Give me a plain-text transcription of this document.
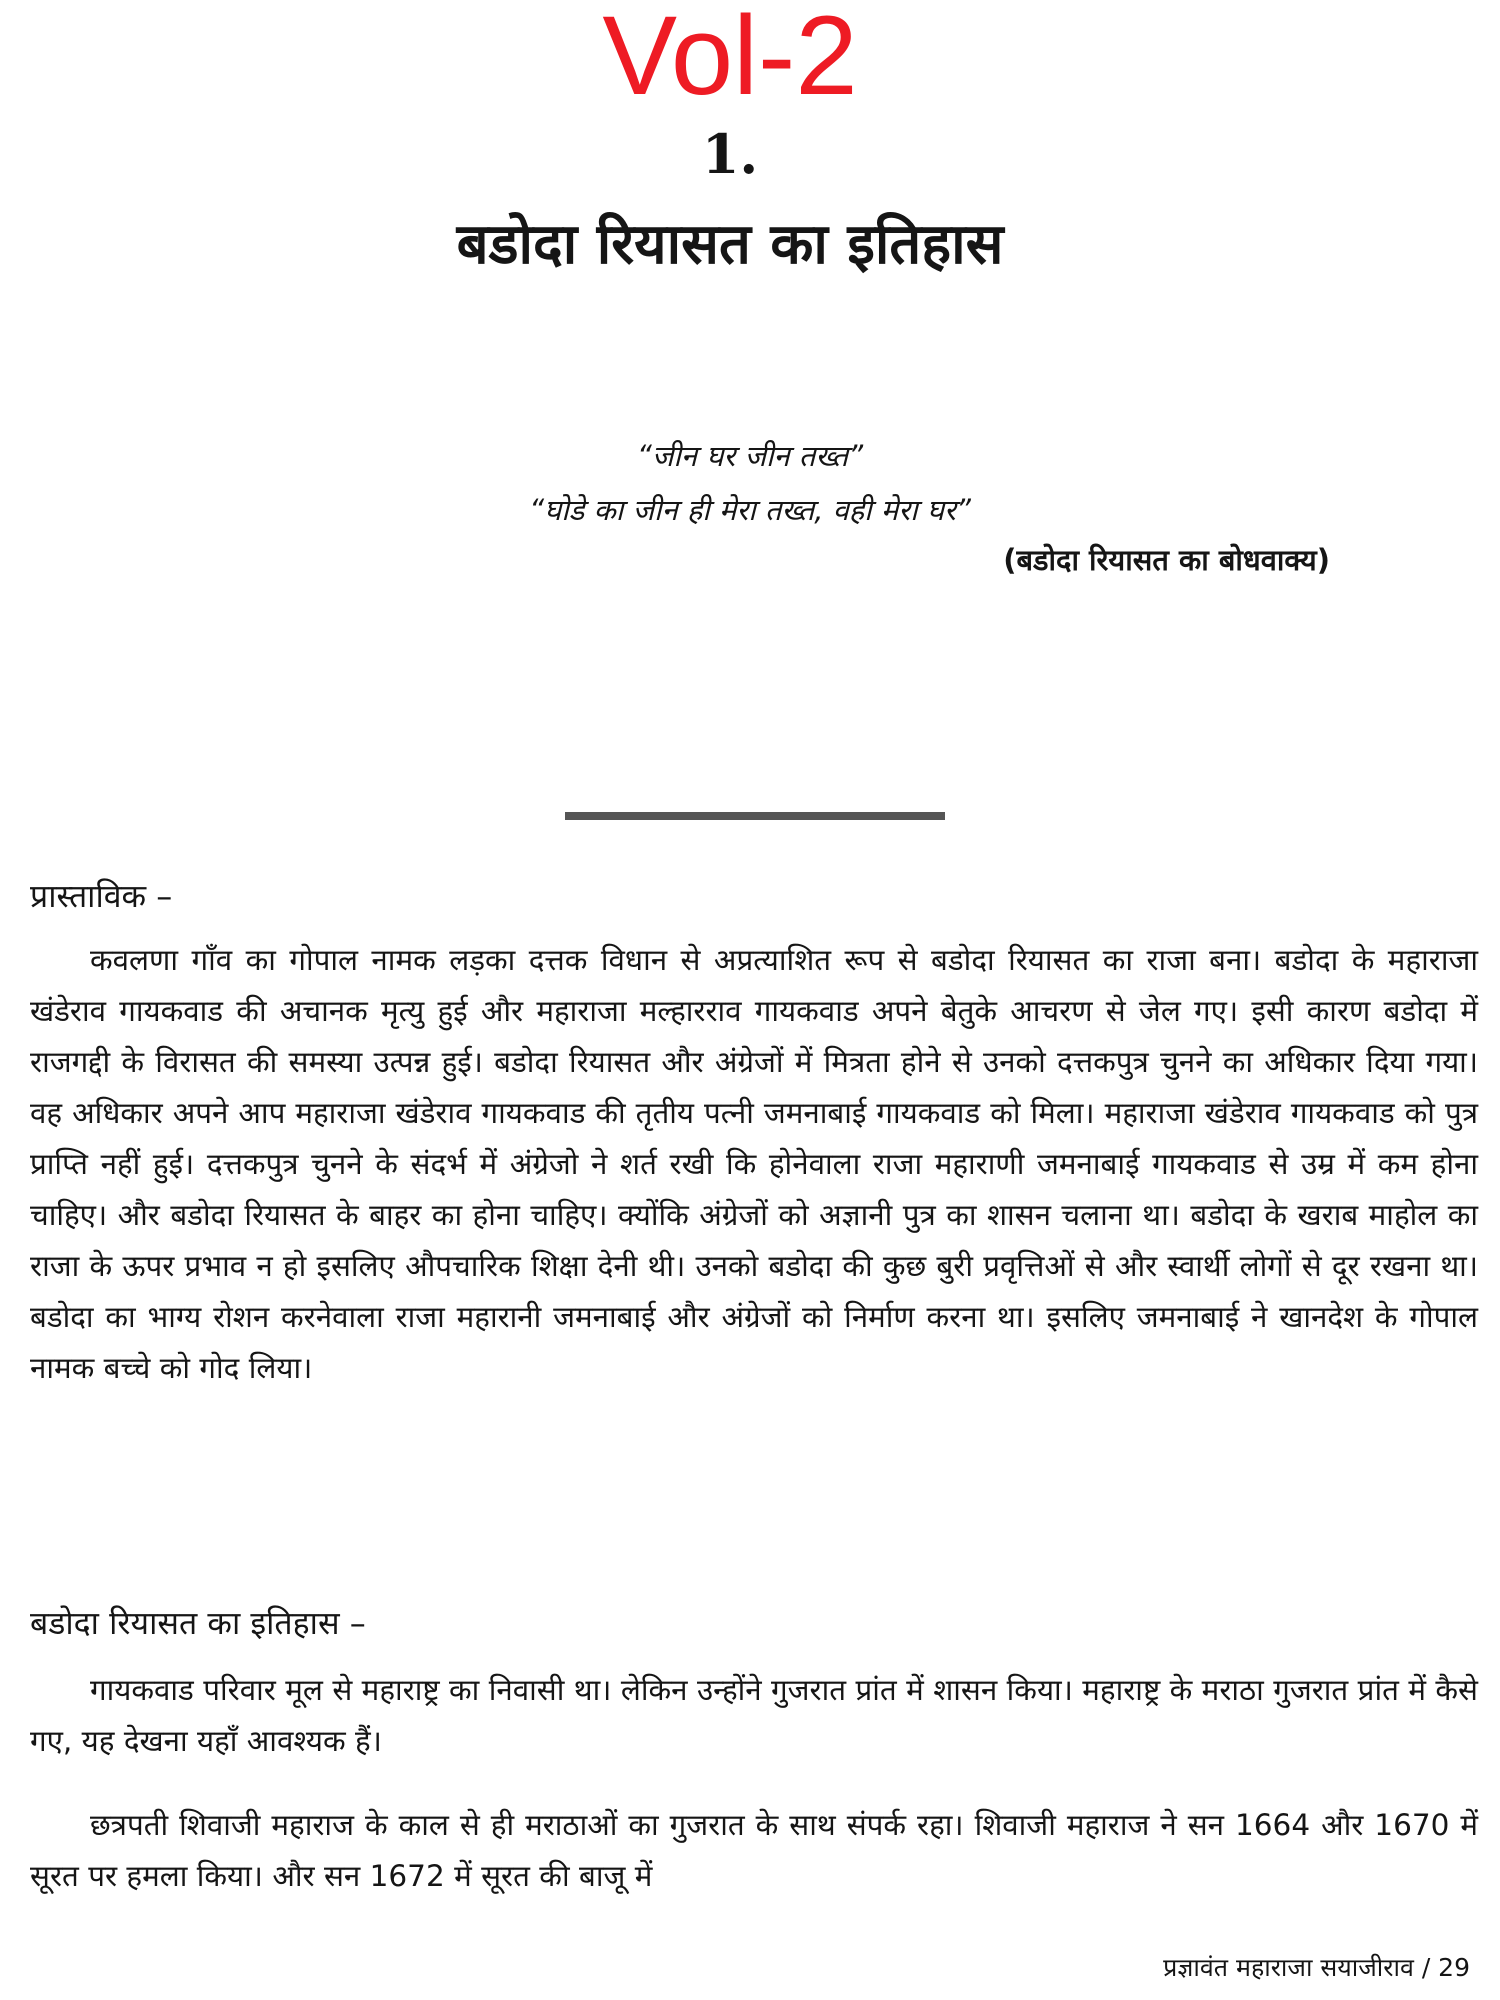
Vol-2
1.
बडोदा रियासत का इतिहास
“जीन घर जीन तख्त”
“घोडे का जीन ही मेरा तख्त, वही मेरा घर”
(बडोदा रियासत का बोधवाक्य)
प्रास्ताविक –

कवलणा गाँव का गोपाल नामक लड़का दत्तक विधान से अप्रत्याशित रूप से बडोदा रियासत का राजा बना। बडोदा के महाराजा खंडेराव गायकवाड की अचानक मृत्यु हुई और महाराजा मल्हारराव गायकवाड अपने बेतुके आचरण से जेल गए। इसी कारण बडोदा में राजगद्दी के विरासत की समस्या उत्पन्न हुई। बडोदा रियासत और अंग्रेजों में मित्रता होने से उनको दत्तकपुत्र चुनने का अधिकार दिया गया। वह अधिकार अपने आप महाराजा खंडेराव गायकवाड की तृतीय पत्नी जमनाबाई गायकवाड को मिला। महाराजा खंडेराव गायकवाड को पुत्र प्राप्ति नहीं हुई। दत्तकपुत्र चुनने के संदर्भ में अंग्रेजो ने शर्त रखी कि होनेवाला राजा महाराणी जमनाबाई गायकवाड से उम्र में कम होना चाहिए। और बडोदा रियासत के बाहर का होना चाहिए। क्योंकि अंग्रेजों को अज्ञानी पुत्र का शासन चलाना था। बडोदा के खराब माहोल का राजा के ऊपर प्रभाव न हो इसलिए औपचारिक शिक्षा देनी थी। उनको बडोदा की कुछ बुरी प्रवृत्तिओं से और स्वार्थी लोगों से दूर रखना था। बडोदा का भाग्य रोशन करनेवाला राजा महारानी जमनाबाई और अंग्रेजों को निर्माण करना था। इसलिए जमनाबाई ने खानदेश के गोपाल नामक बच्चे को गोद लिया।

बडोदा रियासत का इतिहास –

गायकवाड परिवार मूल से महाराष्ट्र का निवासी था। लेकिन उन्होंने गुजरात प्रांत में शासन किया। महाराष्ट्र के मराठा गुजरात प्रांत में कैसे गए, यह देखना यहाँ आवश्यक हैं।

छत्रपती शिवाजी महाराज के काल से ही मराठाओं का गुजरात के साथ संपर्क रहा। शिवाजी महाराज ने सन 1664 और 1670 में सूरत पर हमला किया। और सन 1672 में सूरत की बाजू में

प्रज्ञावंत महाराजा सयाजीराव / 29
